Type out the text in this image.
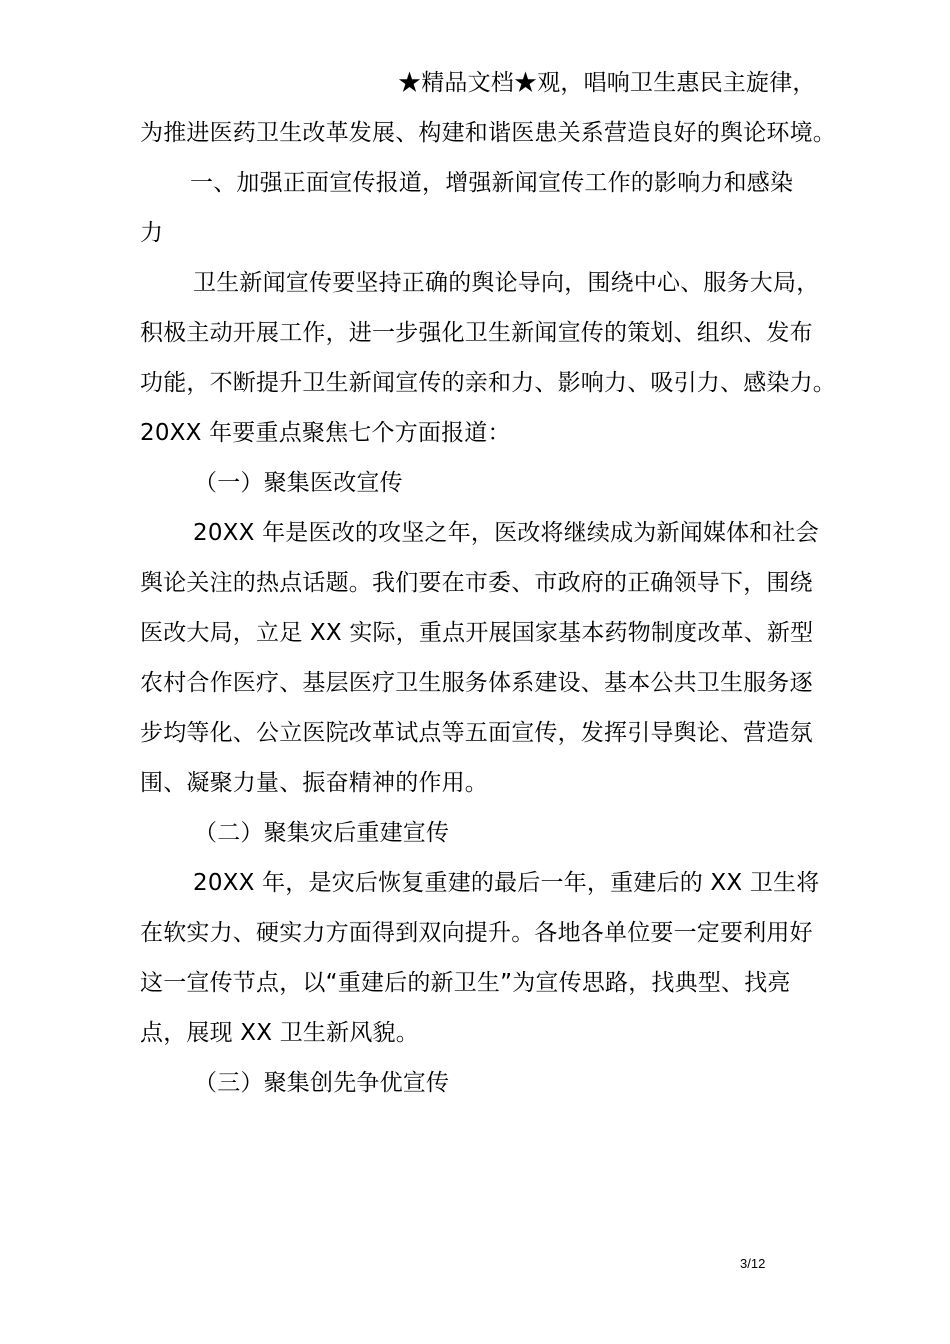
★精品文档★观，唱响卫生惠民主旋律，
为推进医药卫生改革发展、构建和谐医患关系营造良好的舆论环境。
一、加强正面宣传报道，增强新闻宣传工作的影响力和感染
力
卫生新闻宣传要坚持正确的舆论导向，围绕中心、服务大局，
积极主动开展工作，进一步强化卫生新闻宣传的策划、组织、发布
功能，不断提升卫生新闻宣传的亲和力、影响力、吸引力、感染力。
20XX 年要重点聚焦七个方面报道：
（一）聚集医改宣传
20XX 年是医改的攻坚之年，医改将继续成为新闻媒体和社会
舆论关注的热点话题。我们要在市委、市政府的正确领导下，围绕
医改大局，立足 XX 实际，重点开展国家基本药物制度改革、新型
农村合作医疗、基层医疗卫生服务体系建设、基本公共卫生服务逐
步均等化、公立医院改革试点等五面宣传，发挥引导舆论、营造氛
围、凝聚力量、振奋精神的作用。
（二）聚集灾后重建宣传
20XX 年，是灾后恢复重建的最后一年，重建后的 XX 卫生将
在软实力、硬实力方面得到双向提升。各地各单位要一定要利用好
这一宣传节点，以“重建后的新卫生”为宣传思路，找典型、找亮
点，展现 XX 卫生新风貌。
（三）聚集创先争优宣传
3/12
